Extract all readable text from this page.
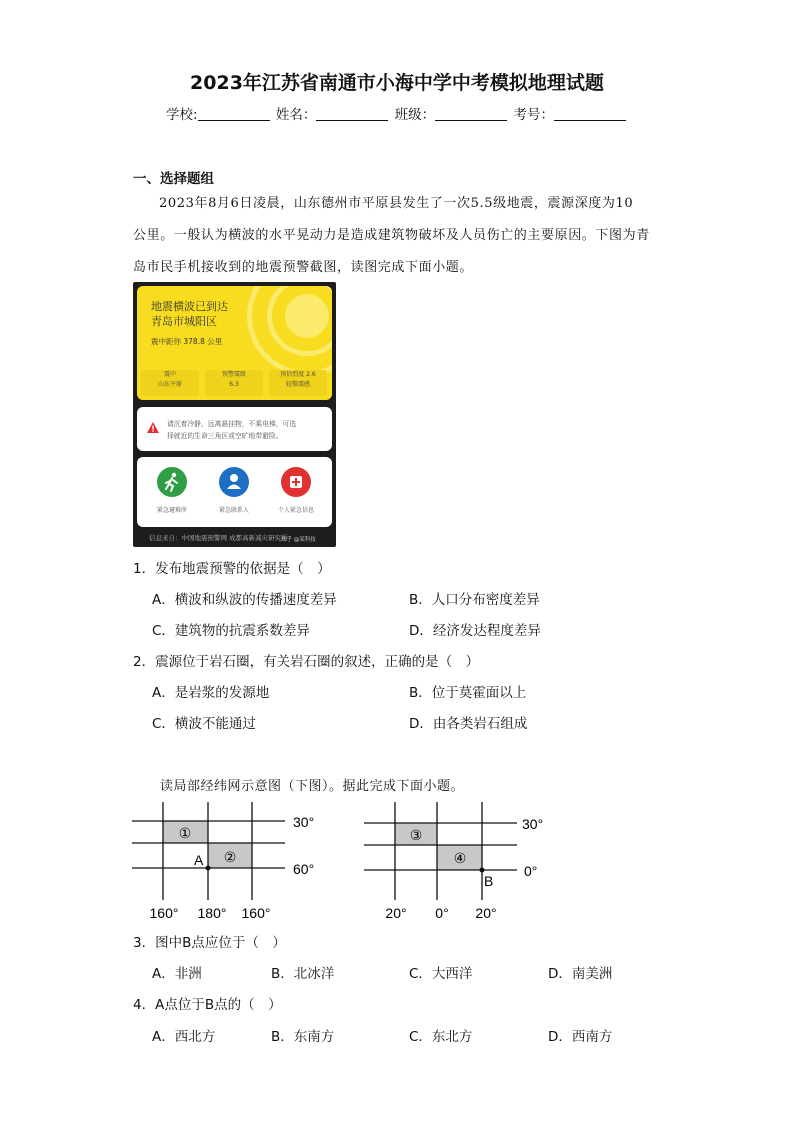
2023年江苏省南通市小海中学中考模拟地理试题
学校:	姓名：	班级：	考号：
一、选择题组
2023年8月6日凌晨，山东德州市平原县发生了一次5.5级地震，震源深度为10
公里。一般认为横波的水平晃动力是造成建筑物破坏及人员伤亡的主要原因。下图为青
岛市民手机接收到的地震预警截图，读图完成下面小题。
地震横波已到达
青岛市城阳区
震中距你 378.8 公里
震中
山东平原
预警震级
6.3
预估烈度 2.6
轻微震感
请沉着冷静，远离悬挂物，不乘电梯，可选
择就近的生命三角区或空旷地带避险。
紧急避难所	紧急联系人	个人紧急信息
信息来自：中国地震预警网 成都高新减灾研究所
知乎 @某科技
1．发布地震预警的依据是（　）
A．横波和纵波的传播速度差异	B．人口分布密度差异
C．建筑物的抗震系数差异	D．经济发达程度差异
2．震源位于岩石圈，有关岩石圈的叙述，正确的是（　）
A．是岩浆的发源地	B．位于莫霍面以上
C．横波不能通过	D．由各类岩石组成
读局部经纬网示意图（下图）。据此完成下面小题。
①
②
A
30°
60°
160° 180° 160°
③
④
B
30°
0°
20° 0° 20°
3．图中B点应位于（　）
A．非洲	B．北冰洋	C．大西洋	D．南美洲
4．A点位于B点的（　）
A．西北方	B．东南方	C．东北方	D．西南方
